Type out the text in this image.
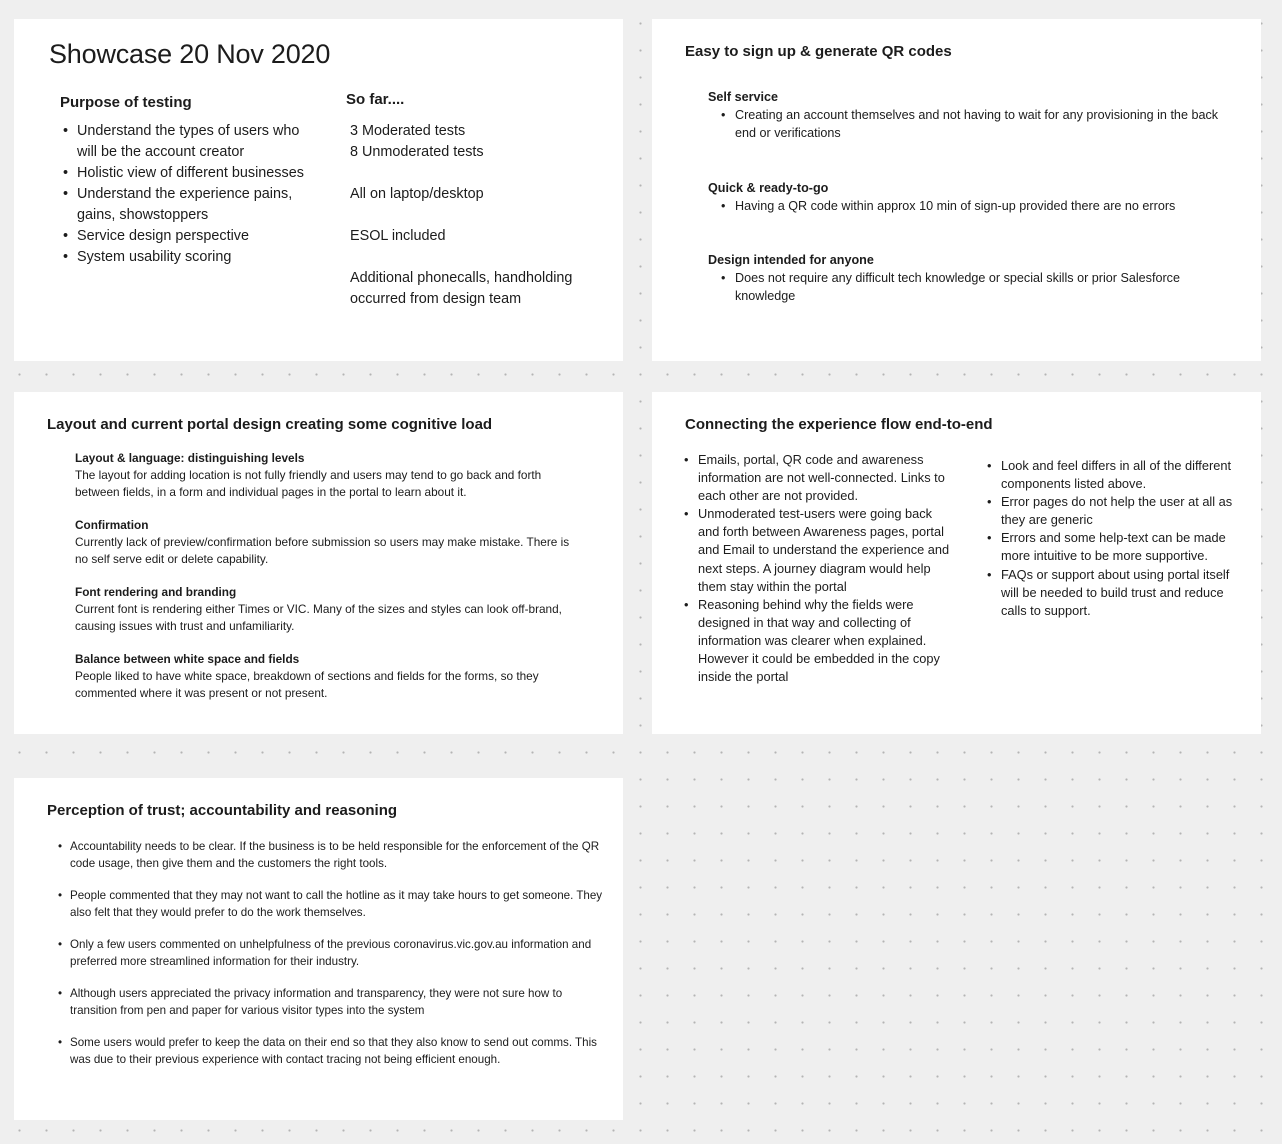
Showcase 20 Nov 2020
Purpose of testing
• Understand the types of users who will be the account creator
• Holistic view of different businesses
• Understand the experience pains, gains, showstoppers
• Service design perspective
• System usability scoring
So far....
3 Moderated tests
8 Unmoderated tests

All on laptop/desktop

ESOL included

Additional phonecalls, handholding
occurred from design team
Easy to sign up & generate QR codes
Self service
• Creating an account themselves and not having to wait for any provisioning in the back end or verifications
Quick & ready-to-go
• Having a QR code within approx 10 min of sign-up provided there are no errors
Design intended for anyone
• Does not require any difficult tech knowledge or special skills or prior Salesforce knowledge
Layout and current portal design creating some cognitive load
Layout & language: distinguishing levels
The layout for adding location is not fully friendly and users may tend to go back and forth between fields, in a form and individual pages in the portal to learn about it.
Confirmation
Currently lack of preview/confirmation before submission so users may make mistake. There is no self serve edit or delete capability.
Font rendering and branding
Current font is rendering either Times or VIC. Many of the sizes and styles can look off-brand, causing issues with trust and unfamiliarity.
Balance between white space and fields
People liked to have white space, breakdown of sections and fields for the forms, so they commented where it was present or not present.
Connecting the experience flow end-to-end
• Emails, portal, QR code and awareness information are not well-connected. Links to each other are not provided.
• Unmoderated test-users were going back and forth between Awareness pages, portal and Email to understand the experience and next steps. A journey diagram would help them stay within the portal
• Reasoning behind why the fields were designed in that way and collecting of information was clearer when explained. However it could be embedded in the copy inside the portal
• Look and feel differs in all of the different components listed above.
• Error pages do not help the user at all as they are generic
• Errors and some help-text can be made more intuitive to be more supportive.
• FAQs or support about using portal itself will be needed to build trust and reduce calls to support.
Perception of trust; accountability and reasoning
• Accountability needs to be clear. If the business is to be held responsible for the enforcement of the QR code usage, then give them and the customers the right tools.
• People commented that they may not want to call the hotline as it may take hours to get someone. They also felt that they would prefer to do the work themselves.
• Only a few users commented on unhelpfulness of the previous coronavirus.vic.gov.au information and preferred more streamlined information for their industry.
• Although users appreciated the privacy information and transparency, they were not sure how to transition from pen and paper for various visitor types into the system
• Some users would prefer to keep the data on their end so that they also know to send out comms. This was due to their previous experience with contact tracing not being efficient enough.
